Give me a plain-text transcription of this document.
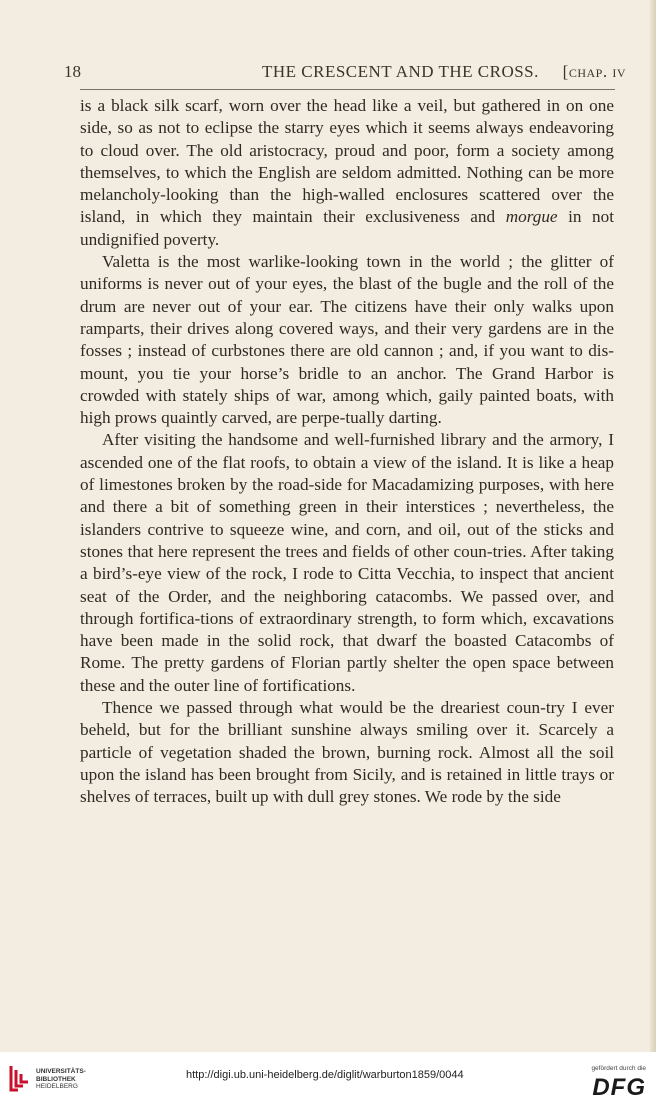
18	THE CRESCENT AND THE CROSS. [chap. iv

is a black silk scarf, worn over the head like a veil, but gathered in on one side, so as not to eclipse the starry eyes which it seems always endeavoring to cloud over. The old aristocracy, proud and poor, form a society among themselves, to which the English are seldom admitted. Nothing can be more melancholy-looking than the high-walled enclosures scattered over the island, in which they maintain their exclusiveness and morgue in not undignified poverty.

Valetta is the most warlike-looking town in the world ; the glitter of uniforms is never out of your eyes, the blast of the bugle and the roll of the drum are never out of your ear. The citizens have their only walks upon ramparts, their drives along covered ways, and their very gardens are in the fosses ; instead of curbstones there are old cannon ; and, if you want to dis-mount, you tie your horse’s bridle to an anchor. The Grand Harbor is crowded with stately ships of war, among which, gaily painted boats, with high prows quaintly carved, are perpe-tually darting.

After visiting the handsome and well-furnished library and the armory, I ascended one of the flat roofs, to obtain a view of the island. It is like a heap of limestones broken by the road-side for Macadamizing purposes, with here and there a bit of something green in their interstices ; nevertheless, the islanders contrive to squeeze wine, and corn, and oil, out of the sticks and stones that here represent the trees and fields of other coun-tries. After taking a bird’s-eye view of the rock, I rode to Citta Vecchia, to inspect that ancient seat of the Order, and the neighboring catacombs. We passed over, and through fortifica-tions of extraordinary strength, to form which, excavations have been made in the solid rock, that dwarf the boasted Catacombs of Rome. The pretty gardens of Florian partly shelter the open space between these and the outer line of fortifications.

Thence we passed through what would be the dreariest coun-try I ever beheld, but for the brilliant sunshine always smiling over it. Scarcely a particle of vegetation shaded the brown, burning rock. Almost all the soil upon the island has been brought from Sicily, and is retained in little trays or shelves of terraces, built up with dull grey stones. We rode by the side

UNIVERSITÄTS-
BIBLIOTHEK
HEIDELBERG
http://digi.ub.uni-heidelberg.de/diglit/warburton1859/0044
gefördert durch die
DFG
